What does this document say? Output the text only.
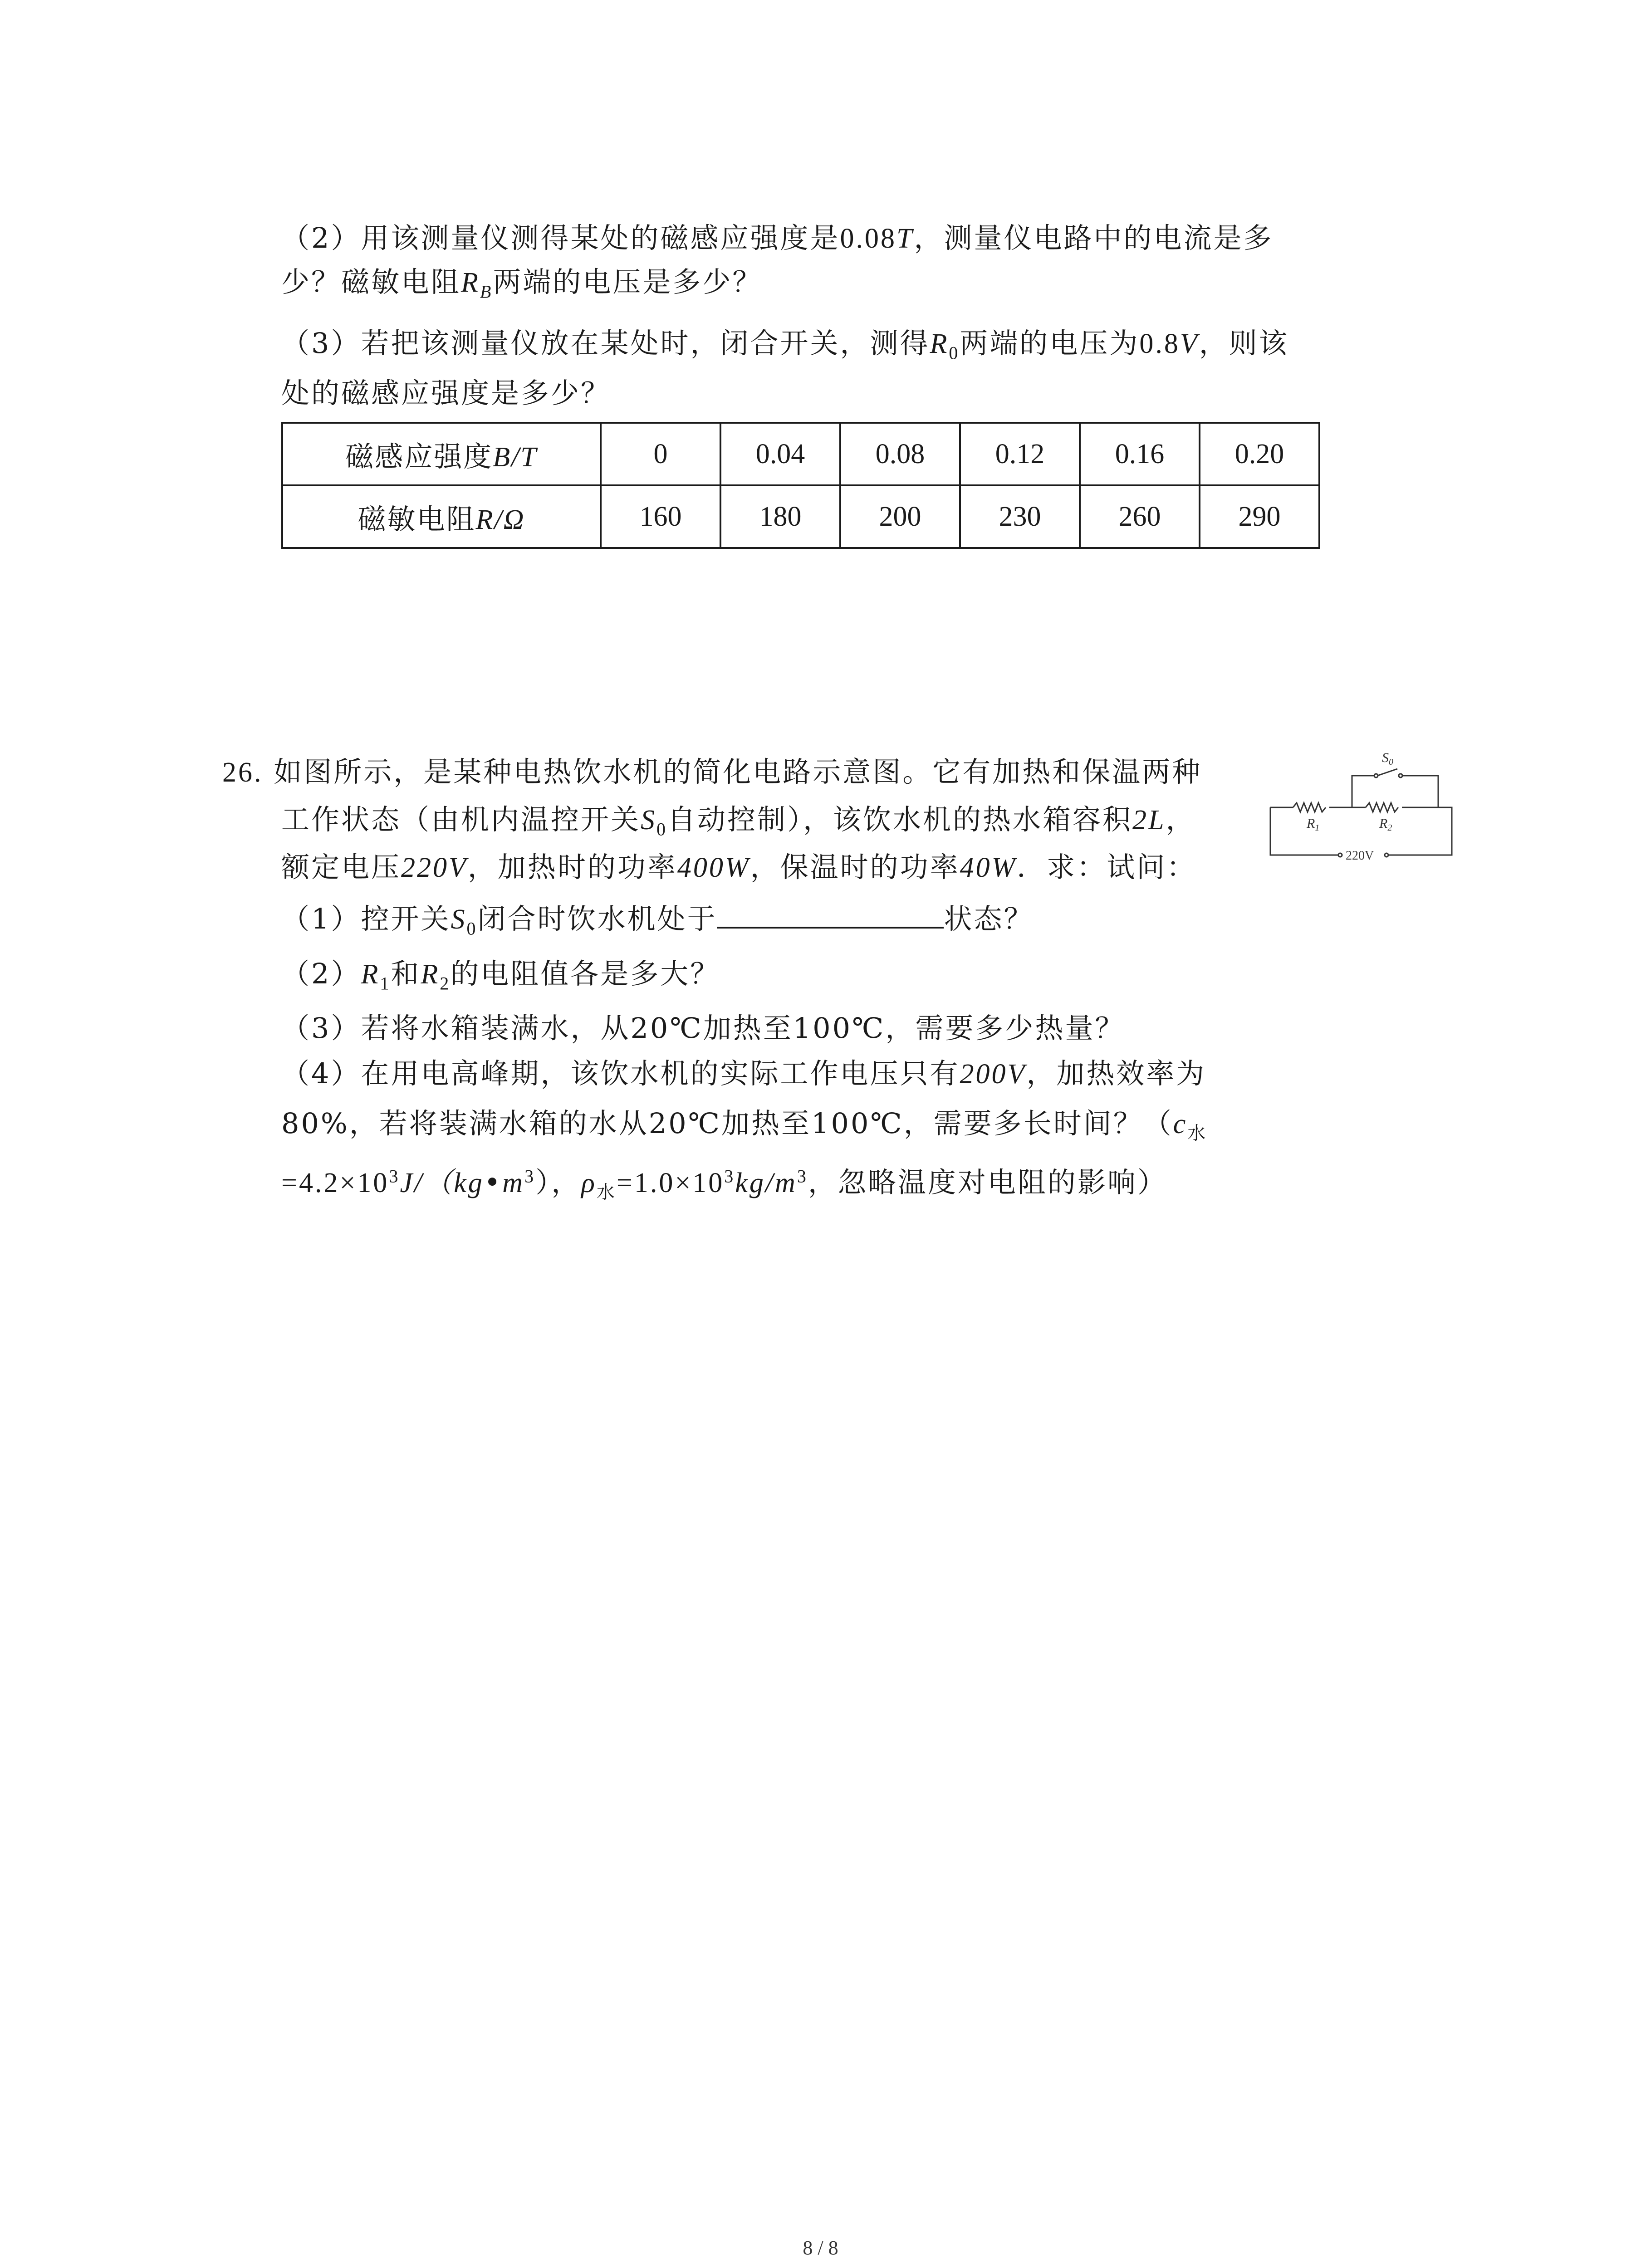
（2）用该测量仪测得某处的磁感应强度是0.08T，测量仪电路中的电流是多
少？磁敏电阻$R_B$两端的电压是多少？
（3）若把该测量仪放在某处时，闭合开关，测得$R_0$两端的电压为0.8V，则该
处的磁感应强度是多少？
磁感应强度B/T	0	0.04	0.08	0.12	0.16	0.20
磁敏电阻R/Ω	160	180	200	230	260	290
26. 如图所示，是某种电热饮水机的简化电路示意图。它有加热和保温两种
工作状态（由机内温控开关$S_0$自动控制），该饮水机的热水箱容积2L，
额定电压220V，加热时的功率400W，保温时的功率40W．求：试问：
（1）控开关$S_0$闭合时饮水机处于	状态？
$(2)R_1$和$R_2$的电阻值各是多大？
（3）若将水箱装满水，从20℃加热至100℃，需要多少热量？
（4）在用电高峰期，该饮水机的实际工作电压只有200V，加热效率为
80%，若将装满水箱的水从20℃加热至100℃，需要多长时间？（$c_水$
$=4.2\times 10^3J/(kg•m^3)$，$\rho_水=1.0\times 10^3kg/m^3$，忽略温度对电阻的影响）
$S_0$
$R_1$	$R_2$
220V
8 / 8
